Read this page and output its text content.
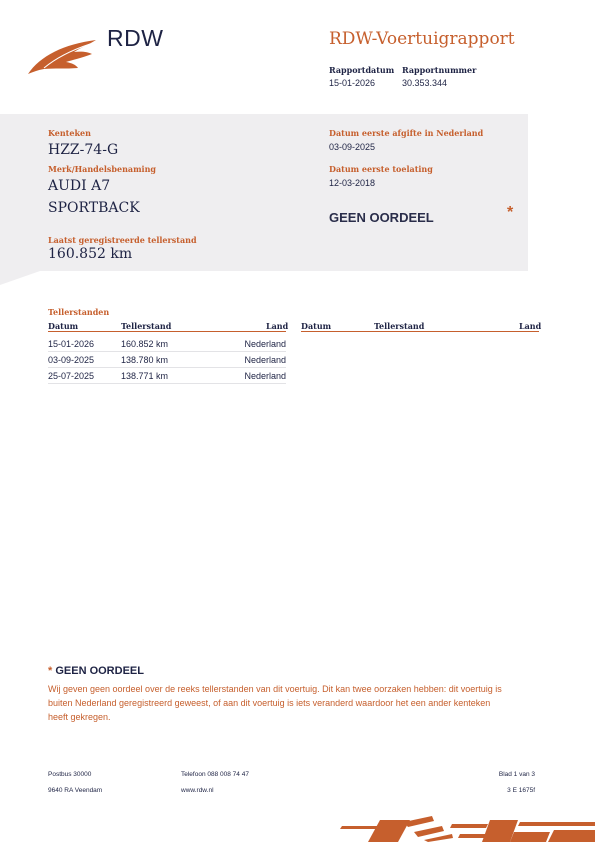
RDW	RDW-Voertuigrapport
Rapportdatum
15-01-2026
Rapportnummer
30.353.344
Kenteken
HZZ-74-G
Merk/Handelsbenaming
AUDI A7
SPORTBACK
Laatst geregistreerde tellerstand
160.852 km
Datum eerste afgifte in Nederland
03-09-2025
Datum eerste toelating
12-03-2018
GEEN OORDEEL	*
Tellerstanden
Datum	Tellerstand	Land Datum	Tellerstand	Land
15-01-2026	160.852 km	Nederland
03-09-2025	138.780 km	Nederland
25-07-2025	138.771 km	Nederland
* GEEN OORDEEL
Wij geven geen oordeel over de reeks tellerstanden van dit voertuig. Dit kan twee oorzaken hebben: dit voertuig is buiten Nederland geregistreerd geweest, of aan dit voertuig is iets veranderd waardoor het een ander kenteken heeft gekregen.
Postbus 30000
9640 RA Veendam
Telefoon 088 008 74 47
www.rdw.nl
Blad 1 van 3
3 E 1675f
